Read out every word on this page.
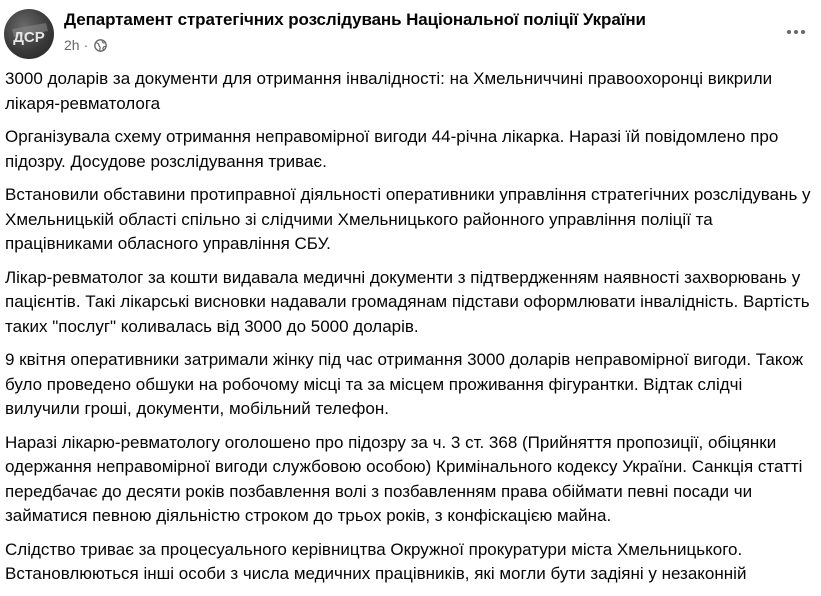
ДСР
Департамент стратегічних розслідувань Національної поліції України
2h ·

3000 доларів за документи для отримання інвалідності: на Хмельниччині правоохоронці викрили лікаря-ревматолога

Організувала схему отримання неправомірної вигоди 44-річна лікарка. Наразі їй повідомлено про підозру. Досудове розслідування триває.

Встановили обставини протиправної діяльності оперативники управління стратегічних розслідувань у Хмельницькій області спільно зі слідчими Хмельницького районного управління поліції та працівниками обласного управління СБУ.

Лікар-ревматолог за кошти видавала медичні документи з підтвердженням наявності захворювань у пацієнтів. Такі лікарські висновки надавали громадянам підстави оформлювати інвалідність. Вартість таких "послуг" коливалась від 3000 до 5000 доларів.

9 квітня оперативники затримали жінку під час отримання 3000 доларів неправомірної вигоди. Також було проведено обшуки на робочому місці та за місцем проживання фігурантки. Відтак слідчі вилучили гроші, документи, мобільний телефон.

Наразі лікарю-ревматологу оголошено про підозру за ч. 3 ст. 368 (Прийняття пропозиції, обіцянки одержання неправомірної вигоди службовою особою) Кримінального кодексу України. Санкція статті передбачає до десяти років позбавлення волі з позбавленням права обіймати певні посади чи займатися певною діяльністю строком до трьох років, з конфіскацією майна.

Слідство триває за процесуального керівництва Окружної прокуратури міста Хмельницького. Встановлюються інші особи з числа медичних працівників, які могли бути задіяні у незаконній
